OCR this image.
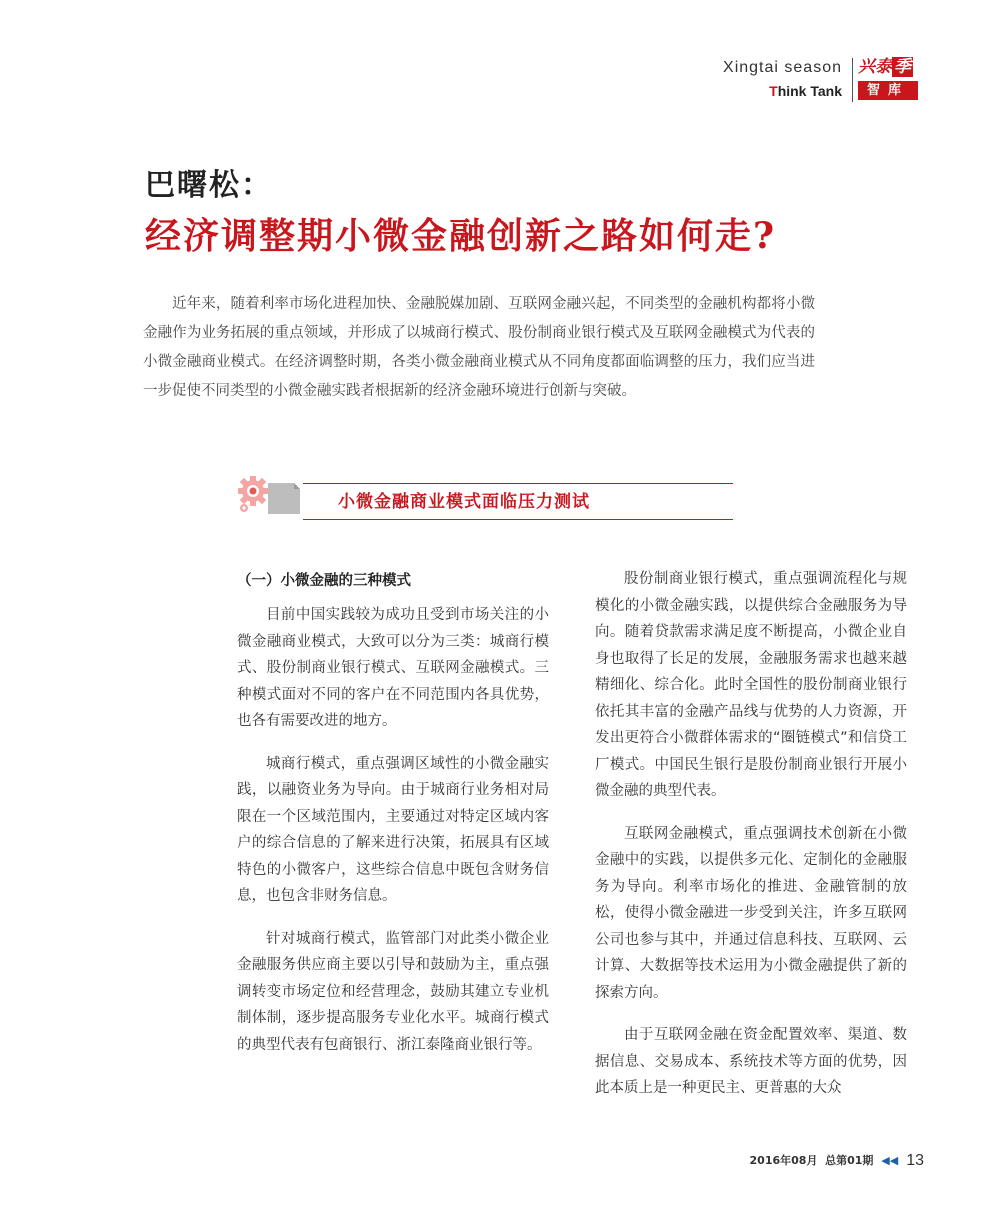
Xingtai season
Think Tank
兴泰 季
智库
巴曙松：
经济调整期小微金融创新之路如何走?

近年来，随着利率市场化进程加快、金融脱媒加剧、互联网金融兴起，不同类型的金融机构都将小微金融作为业务拓展的重点领域，并形成了以城商行模式、股份制商业银行模式及互联网金融模式为代表的小微金融商业模式。在经济调整时期，各类小微金融商业模式从不同角度都面临调整的压力，我们应当进一步促使不同类型的小微金融实践者根据新的经济金融环境进行创新与突破。

小微金融商业模式面临压力测试
（一）小微金融的三种模式

目前中国实践较为成功且受到市场关注的小微金融商业模式，大致可以分为三类：城商行模式、股份制商业银行模式、互联网金融模式。三种模式面对不同的客户在不同范围内各具优势，也各有需要改进的地方。

城商行模式，重点强调区域性的小微金融实践，以融资业务为导向。由于城商行业务相对局限在一个区域范围内，主要通过对特定区域内客户的综合信息的了解来进行决策，拓展具有区域特色的小微客户，这些综合信息中既包含财务信息，也包含非财务信息。

针对城商行模式，监管部门对此类小微企业金融服务供应商主要以引导和鼓励为主，重点强调转变市场定位和经营理念，鼓励其建立专业机制体制，逐步提高服务专业化水平。城商行模式的典型代表有包商银行、浙江泰隆商业银行等。

股份制商业银行模式，重点强调流程化与规模化的小微金融实践，以提供综合金融服务为导向。随着贷款需求满足度不断提高，小微企业自身也取得了长足的发展，金融服务需求也越来越精细化、综合化。此时全国性的股份制商业银行依托其丰富的金融产品线与优势的人力资源，开发出更符合小微群体需求的“圈链模式”和信贷工厂模式。中国民生银行是股份制商业银行开展小微金融的典型代表。

互联网金融模式，重点强调技术创新在小微金融中的实践，以提供多元化、定制化的金融服务为导向。利率市场化的推进、金融管制的放松，使得小微金融进一步受到关注，许多互联网公司也参与其中，并通过信息科技、互联网、云计算、大数据等技术运用为小微金融提供了新的探索方向。

由于互联网金融在资金配置效率、渠道、数据信息、交易成本、系统技术等方面的优势，因此本质上是一种更民主、更普惠的大众

2016年08月 总第01期 ◀◀ 13
